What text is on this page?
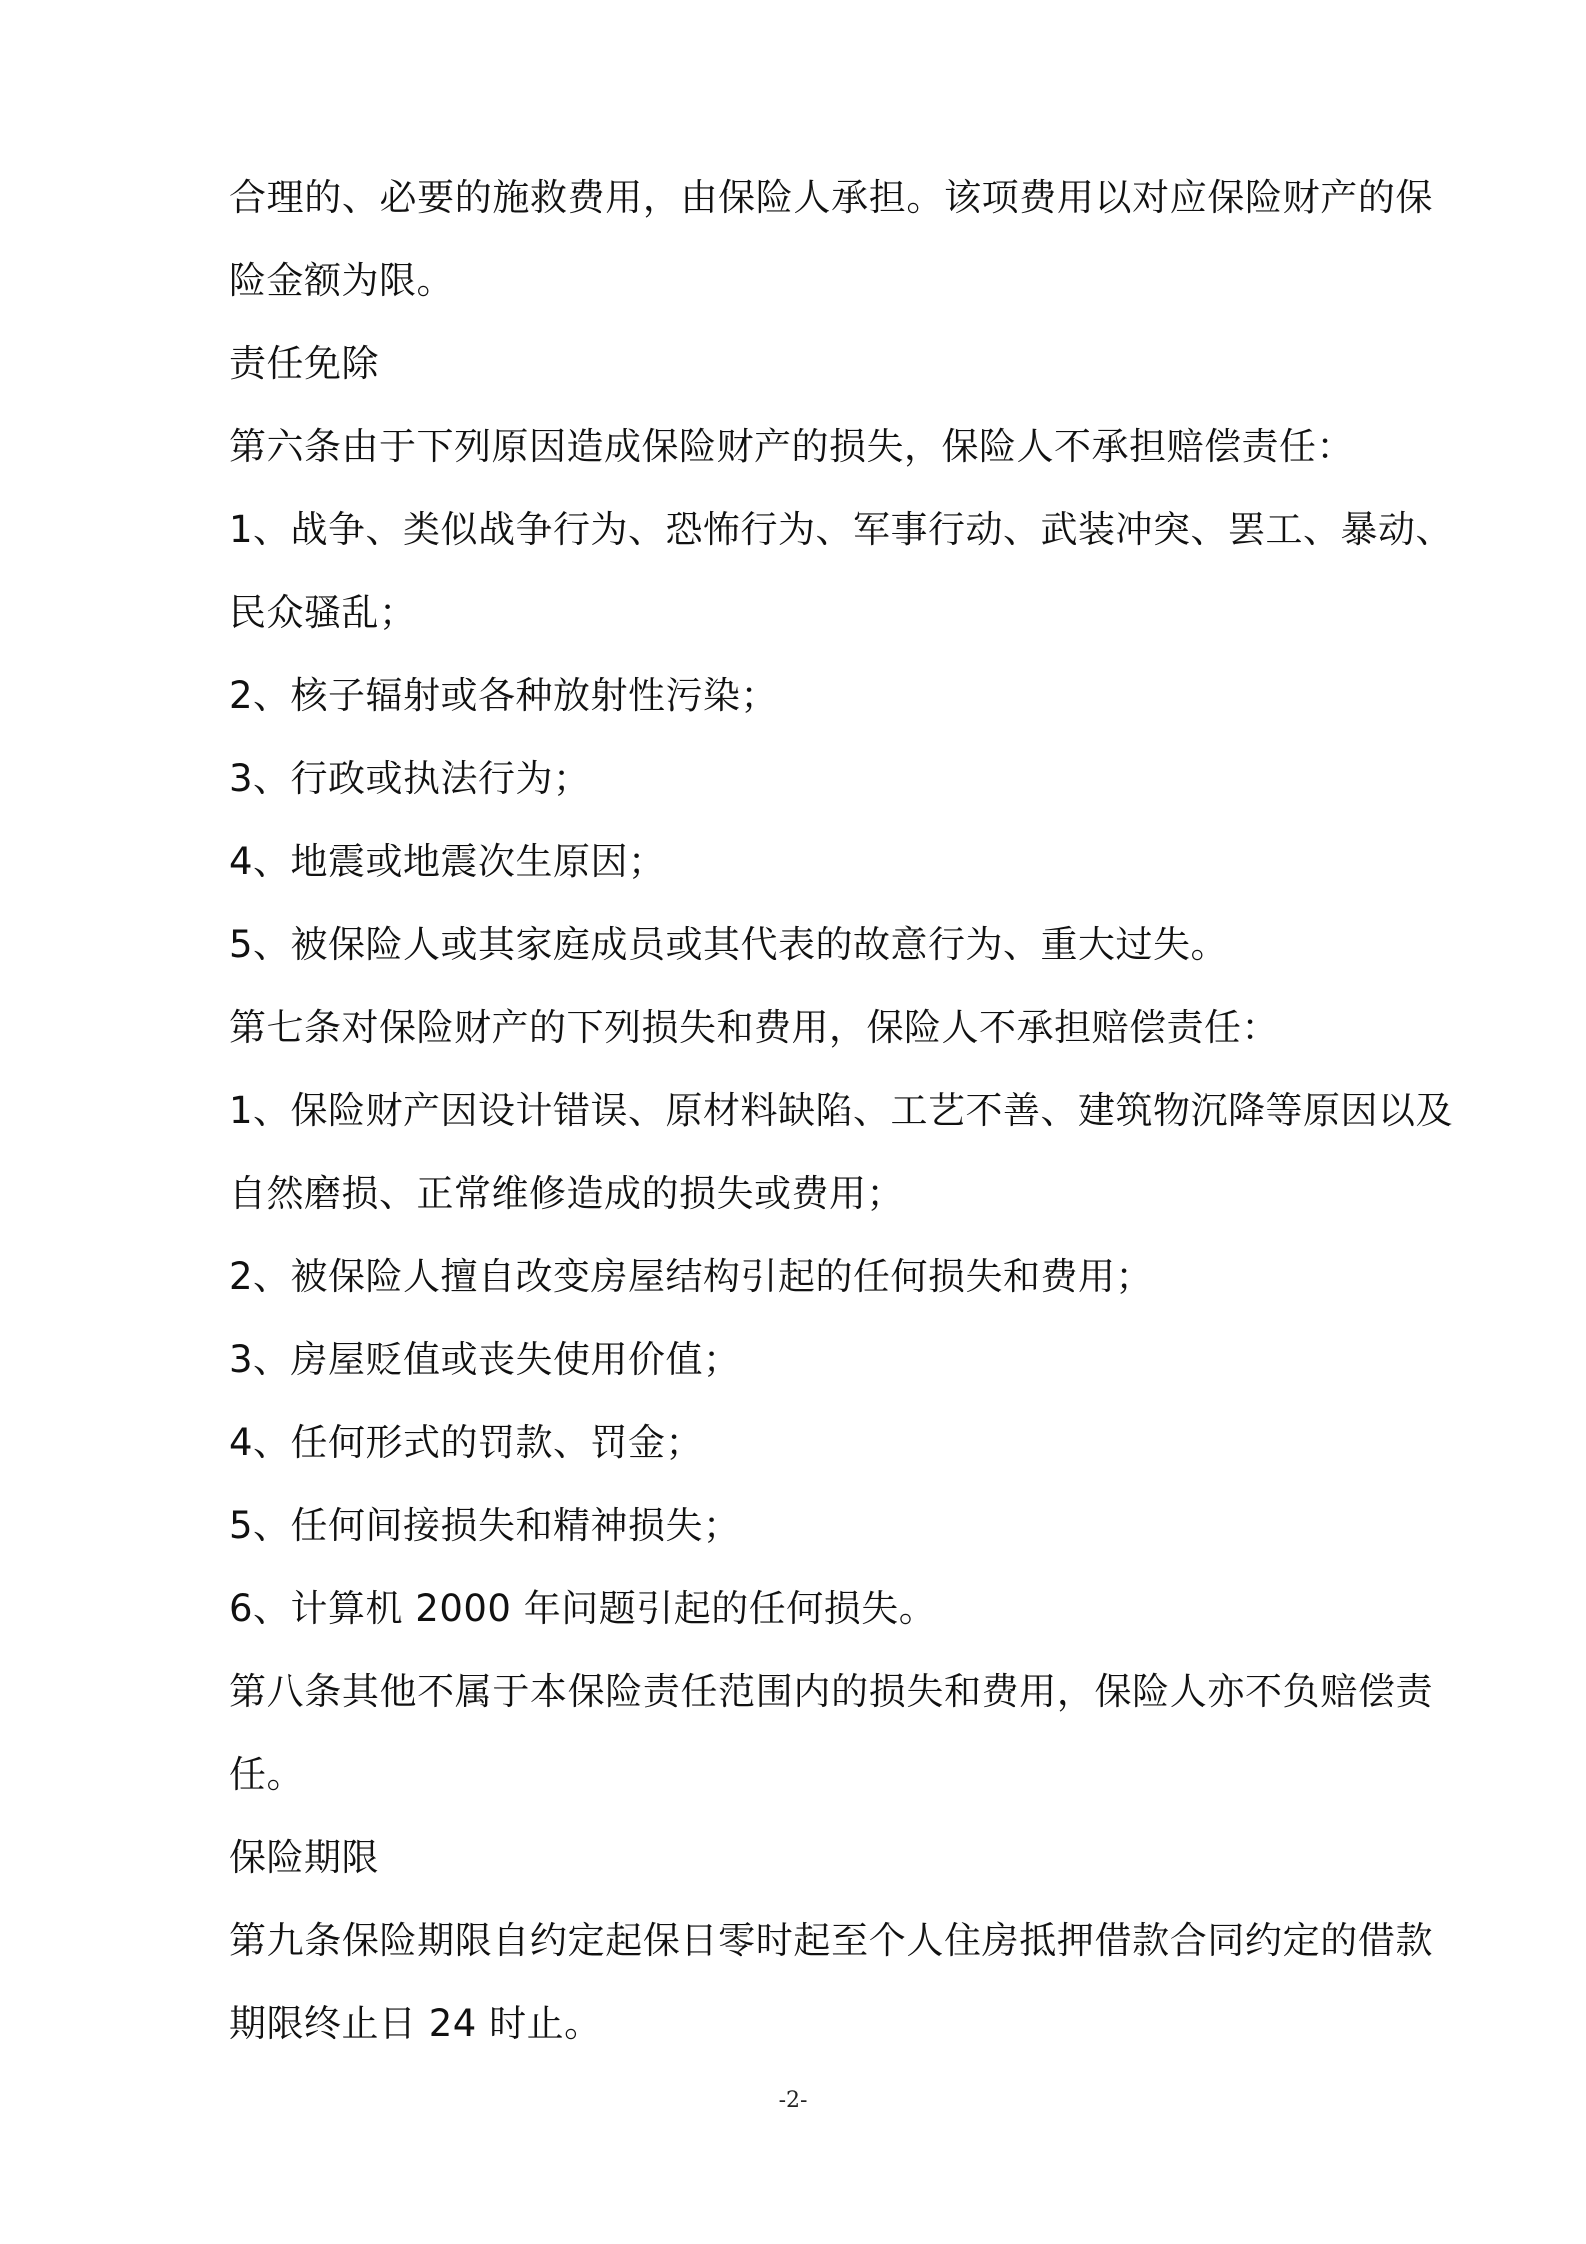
合理的、必要的施救费用，由保险人承担。该项费用以对应保险财产的保
险金额为限。
责任免除
第六条由于下列原因造成保险财产的损失，保险人不承担赔偿责任：
1、战争、类似战争行为、恐怖行为、军事行动、武装冲突、罢工、暴动、
民众骚乱；
2、核子辐射或各种放射性污染；
3、行政或执法行为；
4、地震或地震次生原因；
5、被保险人或其家庭成员或其代表的故意行为、重大过失。
第七条对保险财产的下列损失和费用，保险人不承担赔偿责任：
1、保险财产因设计错误、原材料缺陷、工艺不善、建筑物沉降等原因以及
自然磨损、正常维修造成的损失或费用；
2、被保险人擅自改变房屋结构引起的任何损失和费用；
3、房屋贬值或丧失使用价值；
4、任何形式的罚款、罚金；
5、任何间接损失和精神损失；
6、计算机 2000 年问题引起的任何损失。
第八条其他不属于本保险责任范围内的损失和费用，保险人亦不负赔偿责
任。
保险期限
第九条保险期限自约定起保日零时起至个人住房抵押借款合同约定的借款
期限终止日 24 时止。
-2-
